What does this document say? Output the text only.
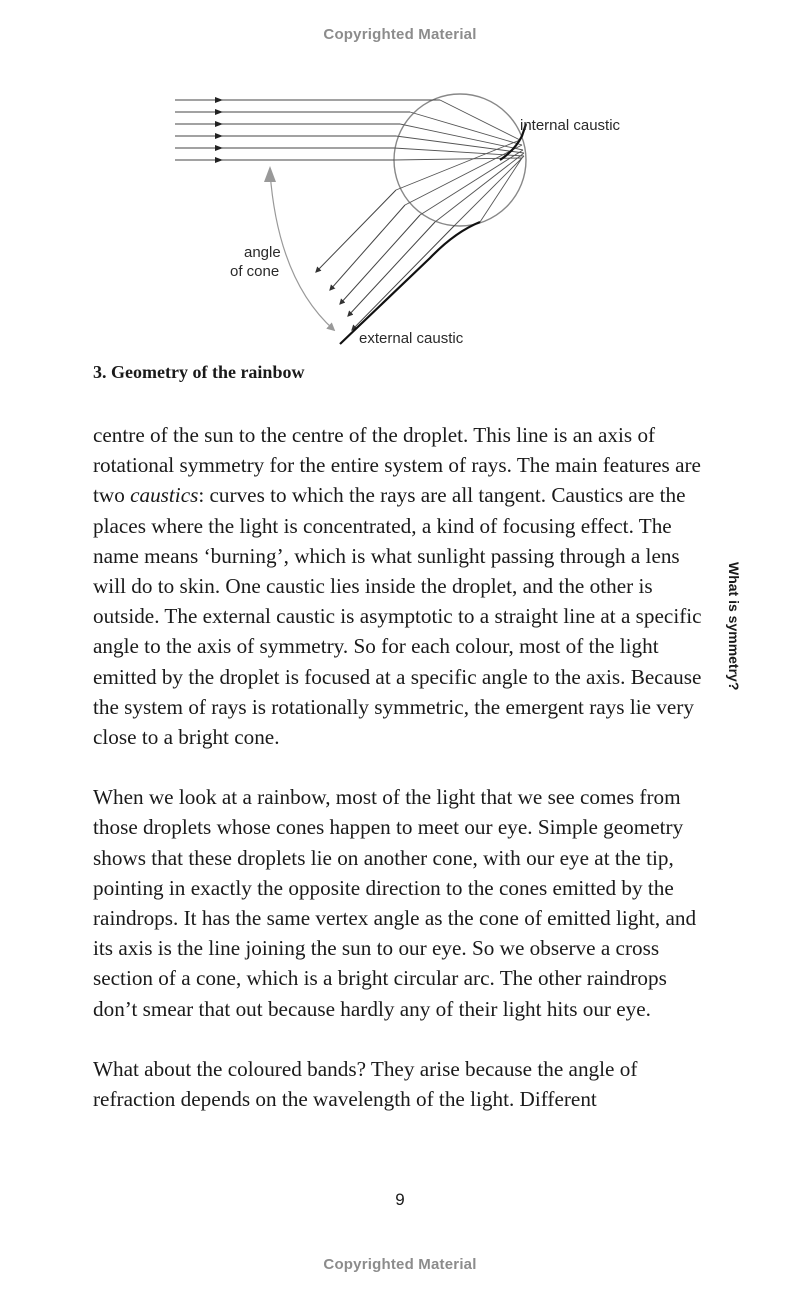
Copyrighted Material
internal caustic
angle
of cone
external caustic

3. Geometry of the rainbow

centre of the sun to the centre of the droplet. This line is an axis of rotational symmetry for the entire system of rays. The main features are two caustics: curves to which the rays are all tangent. Caustics are the places where the light is concentrated, a kind of focusing effect. The name means ‘burning’, which is what sunlight passing through a lens will do to skin. One caustic lies inside the droplet, and the other is outside. The external caustic is asymptotic to a straight line at a specific angle to the axis of symmetry. So for each colour, most of the light emitted by the droplet is focused at a specific angle to the axis. Because the system of rays is rotationally symmetric, the emergent rays lie very close to a bright cone.

When we look at a rainbow, most of the light that we see comes from those droplets whose cones happen to meet our eye. Simple geometry shows that these droplets lie on another cone, with our eye at the tip, pointing in exactly the opposite direction to the cones emitted by the raindrops. It has the same vertex angle as the cone of emitted light, and its axis is the line joining the sun to our eye. So we observe a cross section of a cone, which is a bright circular arc. The other raindrops don’t smear that out because hardly any of their light hits our eye.

What about the coloured bands? They arise because the angle of refraction depends on the wavelength of the light. Different

What is symmetry?
9
Copyrighted Material
